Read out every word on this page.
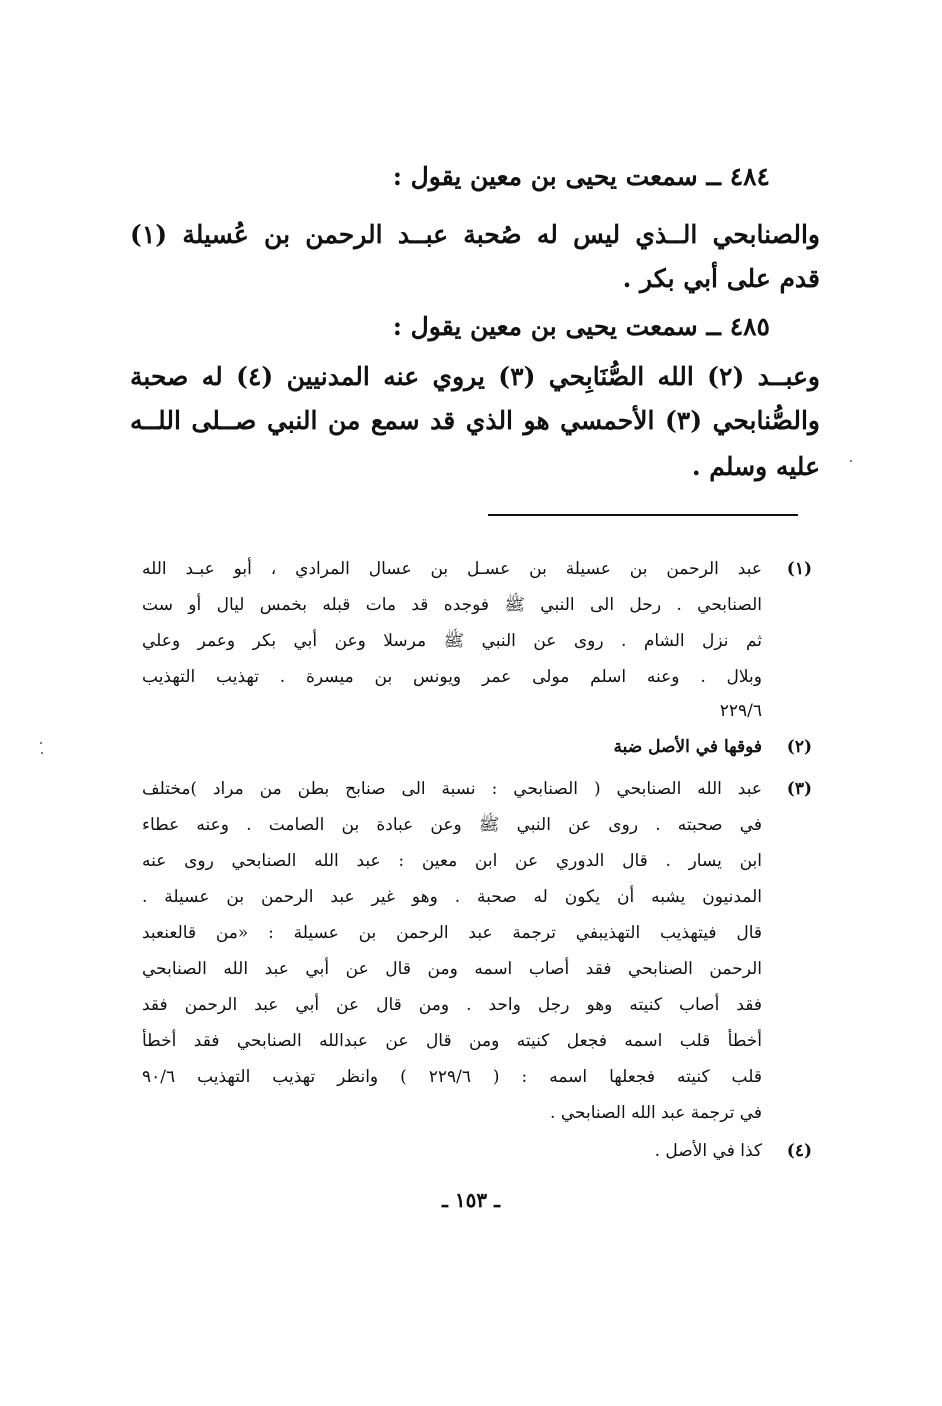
٤٨٤ ــ سمعت يحيى بن معين يقول :
والصنابحي الــذي ليس له صُحبة عبــد الرحمن بن عُسيلة (١)
قدم على أبي بكر .
٤٨٥ ــ سمعت يحيى بن معين يقول :
وعبــد (٢) الله الصُّنَابِحي (٣) يروي عنه المدنيين (٤) له صحبة
والصُّنابحي (٣) الأحمسي هو الذي قد سمع من النبي صــلى اللــه
عليه وسلم .
(١)
عبد الرحمن بن عسيلة بن عسـل بن عسال المرادي ، أبو عبـد الله
الصنابحي . رحل الى النبي ﷺ فوجده قد مات قبله بخمس ليال أو ست
ثم نزل الشام . روى عن النبي ﷺ مرسلا وعن أبي بكر وعمر وعلي
وبلال . وعنه اسلم مولى عمر ويونس بن ميسرة . تهذيب التهذيب
٢٢٩/٦
(٢)
فوقها في الأصل ضبة
(٣)
عبد الله الصنابحي ( الصنابحي : نسبة الى صنابح بطن من مراد )مختلف
في صحبته . روى عن النبي ﷺ وعن عبادة بن الصامت . وعنه عطاء
ابن يسار . قال الدوري عن ابن معين : عبد الله الصنابحي روى عنه
المدنيون يشبه أن يكون له صحبة . وهو غير عبد الرحمن بن عسيلة .
قال فيتهذيب التهذيبفي ترجمة عبد الرحمن بن عسيلة : «من قالعنعبد
الرحمن الصنابحي فقد أصاب اسمه ومن قال عن أبي عبد الله الصنابحي
فقد أصاب كنيته وهو رجل واحد . ومن قال عن أبي عبد الرحمن فقد
أخطأ قلب اسمه فجعل كنيته ومن قال عن عبدالله الصنابحي فقد أخطأ
قلب كنيته فجعلها اسمه : ( ٢٢٩/٦ ) وانظر تهذيب التهذيب ٩٠/٦
في ترجمة عبد الله الصنابحي .
(٤)
كذا في الأصل .
ـ ١٥٣ ـ
